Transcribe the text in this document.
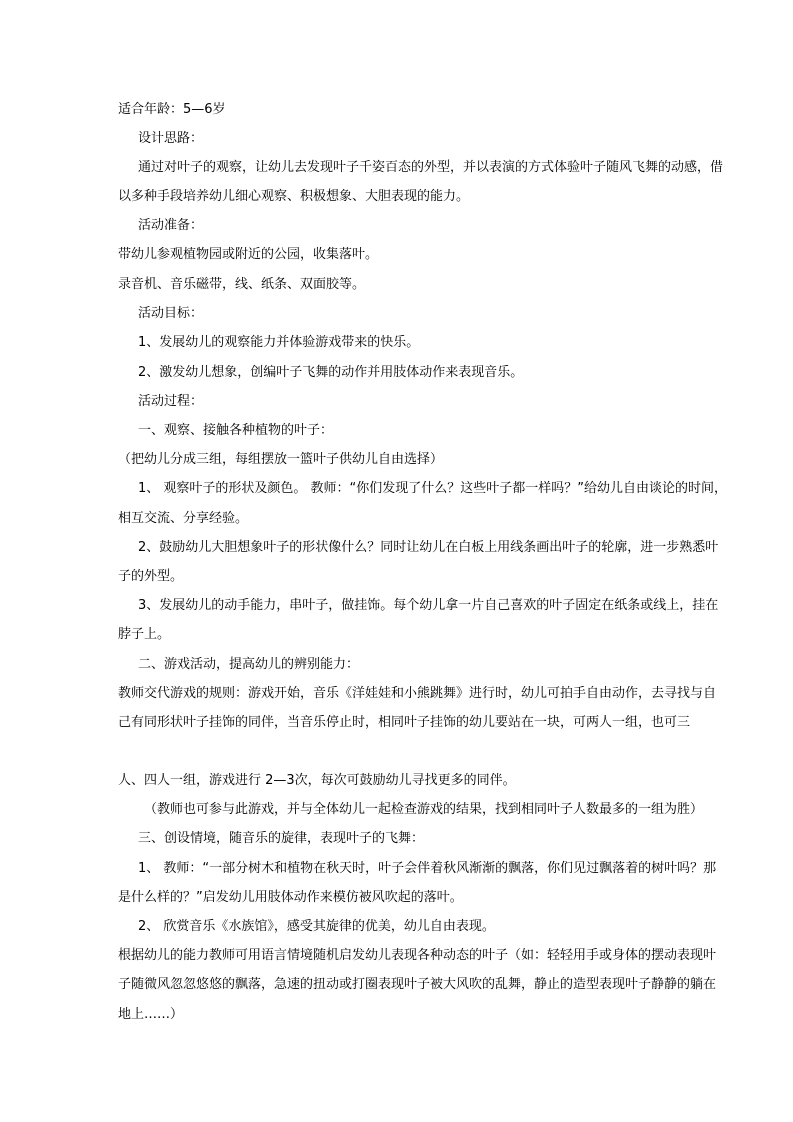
适合年龄：5—6岁
设计思路：
通过对叶子的观察，让幼儿去发现叶子千姿百态的外型，并以表演的方式体验叶子随风飞舞的动感，借
以多种手段培养幼儿细心观察、积极想象、大胆表现的能力。
活动准备：
带幼儿参观植物园或附近的公园，收集落叶。
录音机、音乐磁带，线、纸条、双面胶等。
活动目标：
1、发展幼儿的观察能力并体验游戏带来的快乐。
2、激发幼儿想象，创编叶子飞舞的动作并用肢体动作来表现音乐。
活动过程：
一、观察、接触各种植物的叶子：
（把幼儿分成三组，每组摆放一篮叶子供幼儿自由选择）
1、 观察叶子的形状及颜色。 教师：“你们发现了什么？这些叶子都一样吗？”给幼儿自由谈论的时间，
相互交流、分享经验。
2、鼓励幼儿大胆想象叶子的形状像什么？同时让幼儿在白板上用线条画出叶子的轮廓，进一步熟悉叶
子的外型。
3、发展幼儿的动手能力，串叶子，做挂饰。每个幼儿拿一片自己喜欢的叶子固定在纸条或线上，挂在
脖子上。
二、游戏活动，提高幼儿的辨别能力：
教师交代游戏的规则：游戏开始，音乐《洋娃娃和小熊跳舞》进行时，幼儿可拍手自由动作，去寻找与自
己有同形状叶子挂饰的同伴，当音乐停止时，相同叶子挂饰的幼儿要站在一块，可两人一组，也可三
人、四人一组，游戏进行 2—3次，每次可鼓励幼儿寻找更多的同伴。
（教师也可参与此游戏，并与全体幼儿一起检查游戏的结果，找到相同叶子人数最多的一组为胜）
三、创设情境，随音乐的旋律，表现叶子的飞舞：
1、 教师：“一部分树木和植物在秋天时，叶子会伴着秋风渐渐的飘落，你们见过飘落着的树叶吗？那
是什么样的？”启发幼儿用肢体动作来模仿被风吹起的落叶。
2、 欣赏音乐《水族馆》，感受其旋律的优美，幼儿自由表现。
根据幼儿的能力教师可用语言情境随机启发幼儿表现各种动态的叶子（如：轻轻用手或身体的摆动表现叶
子随微风忽忽悠悠的飘落，急速的扭动或打圈表现叶子被大风吹的乱舞，静止的造型表现叶子静静的躺在
地上……）
